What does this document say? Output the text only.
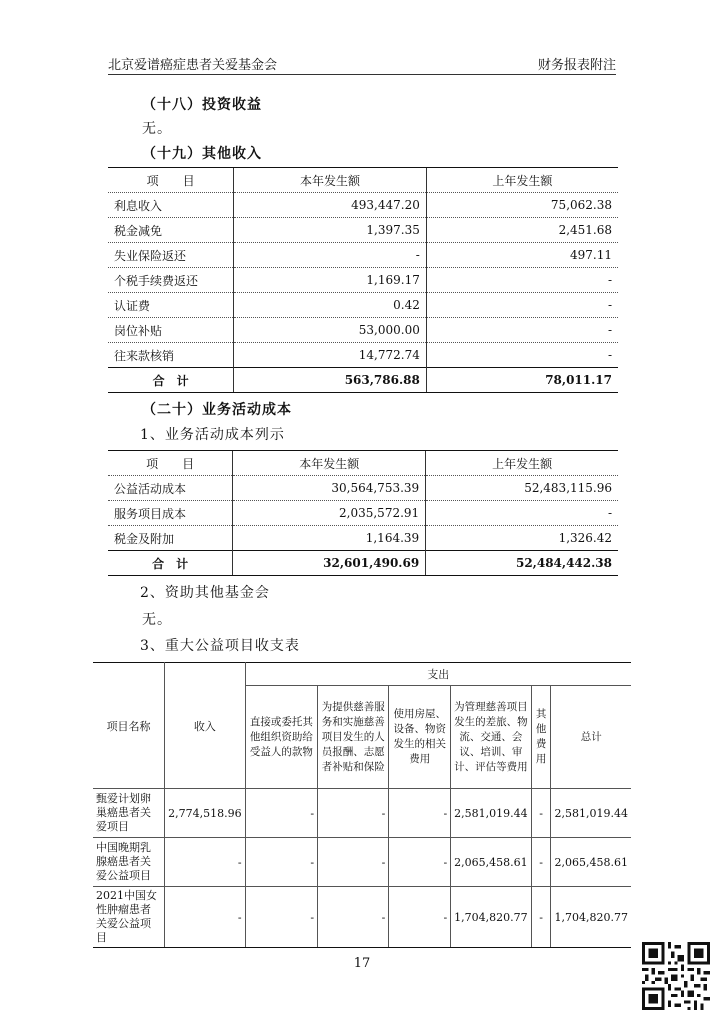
北京爱谱癌症患者关爱基金会	财务报表附注
（十八）投资收益
无。
（十九）其他收入
项　　目	本年发生额	上年发生额
利息收入	493,447.20	75,062.38
税金减免	1,397.35	2,451.68
失业保险返还	-	497.11
个税手续费返还	1,169.17	-
认证费	0.42	-
岗位补贴	53,000.00	-
往来款核销	14,772.74	-
合　计	563,786.88	78,011.17
（二十）业务活动成本
1、业务活动成本列示
项　　目	本年发生额	上年发生额
公益活动成本	30,564,753.39	52,483,115.96
服务项目成本	2,035,572.91	-
税金及附加	1,164.39	1,326.42
合　计	32,601,490.69	52,484,442.38
2、资助其他基金会
无。
3、重大公益项目收支表
项目名称	收入	支出					
		直接或委托其他组织资助给受益人的款物	为提供慈善服务和实施慈善项目发生的人员报酬、志愿者补贴和保险	使用房屋、设备、物资发生的相关费用	为管理慈善项目发生的差旅、物流、交通、会议、培训、审计、评估等费用	其他费用	总计
甄爱计划卵巢癌患者关爱项目	2,774,518.96	-	-	-	2,581,019.44	-	2,581,019.44
中国晚期乳腺癌患者关爱公益项目	-	-	-	-	2,065,458.61	-	2,065,458.61
2021中国女性肿瘤患者关爱公益项目	-	-	-	-	1,704,820.77	-	1,704,820.77
17
